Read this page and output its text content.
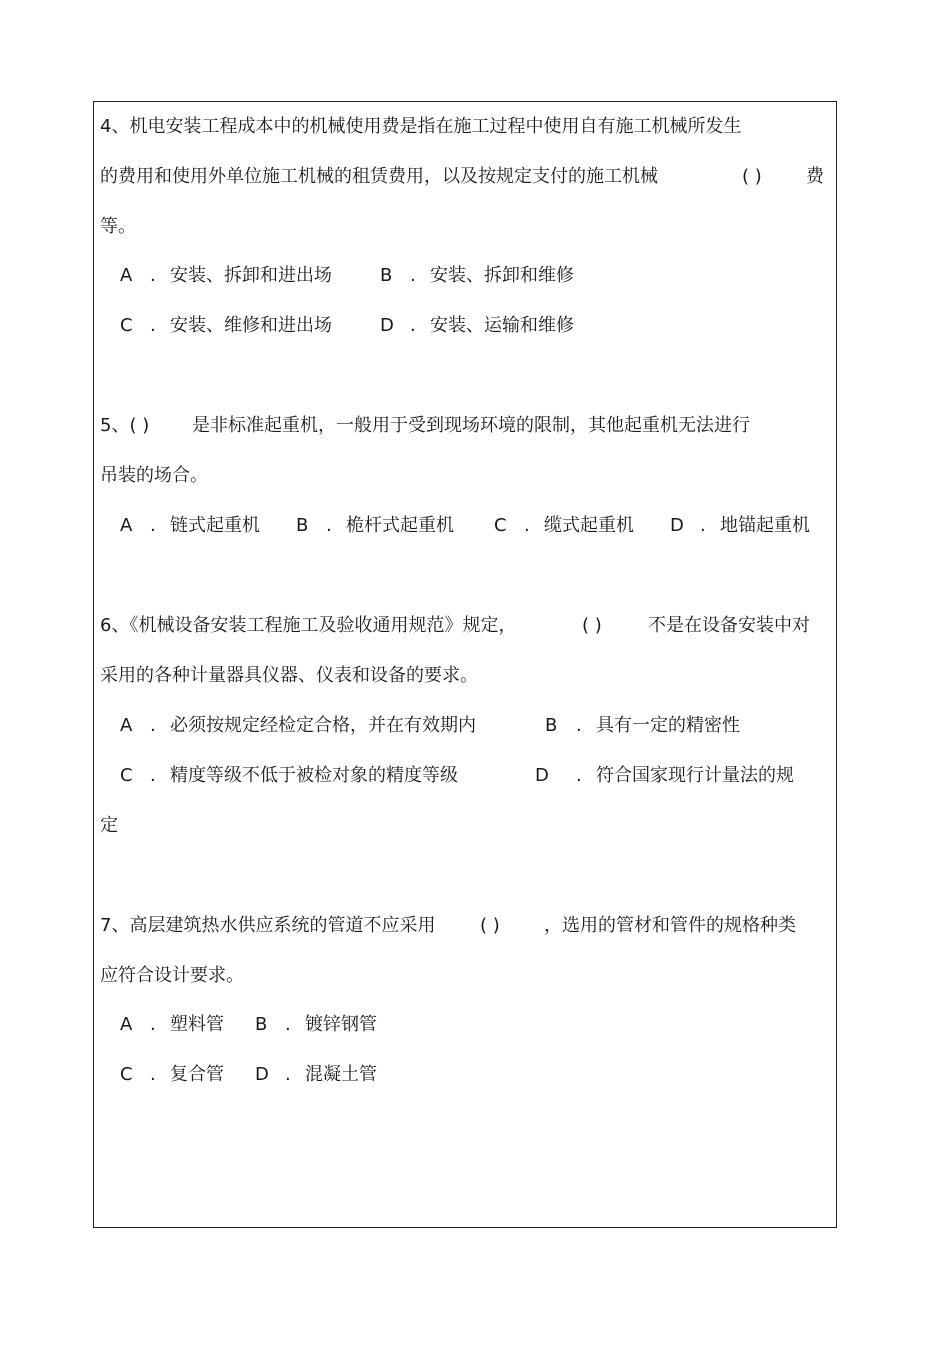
4、机电安装工程成本中的机械使用费是指在施工过程中使用自有施工机械所发生
的费用和使用外单位施工机械的租赁费用，以及按规定支付的施工机械	( ) 费
等。
A . 安装、拆卸和进出场	B . 安装、拆卸和维修
C . 安装、维修和进出场	D . 安装、运输和维修
5、( ) 是非标准起重机，一般用于受到现场环境的限制，其他起重机无法进行
吊装的场合。
A . 链式起重机 B . 桅杆式起重机 C . 缆式起重机 D . 地锚起重机
6、《机械设备安装工程施工及验收通用规范》规定，	( )	不是在设备安装中对
采用的各种计量器具仪器、仪表和设备的要求。
A . 必须按规定经检定合格，并在有效期内	B . 具有一定的精密性
C . 精度等级不低于被检对象的精度等级	D . 符合国家现行计量法的规
定
7、高层建筑热水供应系统的管道不应采用 ( ) ，选用的管材和管件的规格种类
应符合设计要求。
A . 塑料管 B . 镀锌钢管
C . 复合管 D . 混凝土管
